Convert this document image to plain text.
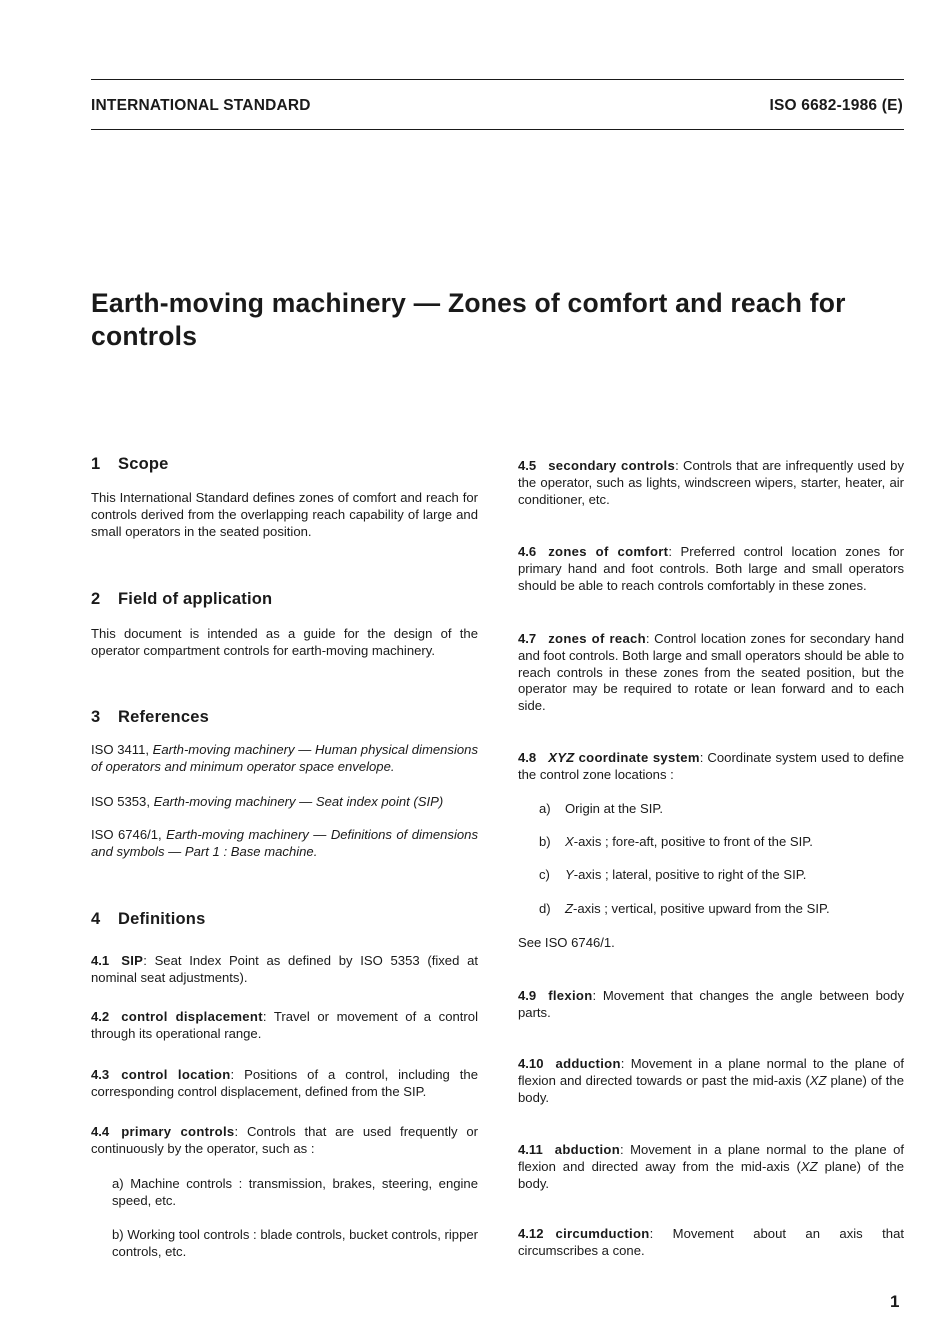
INTERNATIONAL STANDARD	ISO 6682-1986 (E)
Earth-moving machinery — Zones of comfort and reach for controls
1 Scope

This International Standard defines zones of comfort and reach for controls derived from the overlapping reach capability of large and small operators in the seated position.

2 Field of application

This document is intended as a guide for the design of the operator compartment controls for earth-moving machinery.

3 References

ISO 3411, Earth-moving machinery — Human physical dimensions of operators and minimum operator space envelope.

ISO 5353, Earth-moving machinery — Seat index point (SIP)

ISO 6746/1, Earth-moving machinery — Definitions of dimensions and symbols — Part 1 : Base machine.

4 Definitions

4.1 SIP: Seat Index Point as defined by ISO 5353 (fixed at nominal seat adjustments).

4.2 control displacement: Travel or movement of a control through its operational range.

4.3 control location: Positions of a control, including the corresponding control displacement, defined from the SIP.

4.4 primary controls: Controls that are used frequently or continuously by the operator, such as :

a) Machine controls : transmission, brakes, steering, engine speed, etc.

b) Working tool controls : blade controls, bucket controls, ripper controls, etc.

4.5 secondary controls: Controls that are infrequently used by the operator, such as lights, windscreen wipers, starter, heater, air conditioner, etc.

4.6 zones of comfort: Preferred control location zones for primary hand and foot controls. Both large and small operators should be able to reach controls comfortably in these zones.

4.7 zones of reach: Control location zones for secondary hand and foot controls. Both large and small operators should be able to reach controls in these zones from the seated position, but the operator may be required to rotate or lean forward and to each side.

4.8 XYZ coordinate system: Coordinate system used to define the control zone locations :

a) Origin at the SIP.

b) X-axis ; fore-aft, positive to front of the SIP.

c) Y-axis ; lateral, positive to right of the SIP.

d) Z-axis ; vertical, positive upward from the SIP.

See ISO 6746/1.

4.9 flexion: Movement that changes the angle between body parts.

4.10 adduction: Movement in a plane normal to the plane of flexion and directed towards or past the mid-axis (XZ plane) of the body.

4.11 abduction: Movement in a plane normal to the plane of flexion and directed away from the mid-axis (XZ plane) of the body.

4.12 circumduction: Movement about an axis that circumscribes a cone.

1
